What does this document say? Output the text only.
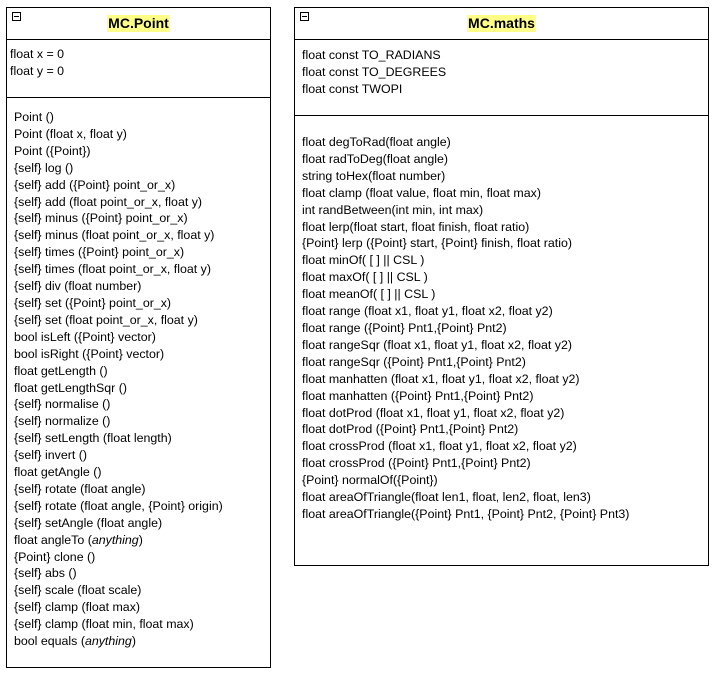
MC.Point
float x = 0
float y = 0
Point ()
Point (float x, float y)
Point ({Point})
{self} log ()
{self} add ({Point} point_or_x)
{self} add (float point_or_x, float y)
{self} minus ({Point} point_or_x)
{self} minus (float point_or_x, float y)
{self} times ({Point} point_or_x)
{self} times (float point_or_x, float y)
{self} div (float number)
{self} set ({Point} point_or_x)
{self} set (float point_or_x, float y)
bool isLeft ({Point} vector)
bool isRight ({Point} vector)
float getLength ()
float getLengthSqr ()
{self} normalise ()
{self} normalize ()
{self} setLength (float length)
{self} invert ()
float getAngle ()
{self} rotate (float angle)
{self} rotate (float angle, {Point} origin)
{self} setAngle (float angle)
float angleTo (anything)
{Point} clone ()
{self} abs ()
{self} scale (float scale)
{self} clamp (float max)
{self} clamp (float min, float max)
bool equals (anything)
MC.maths
float const TO_RADIANS
float const TO_DEGREES
float const TWOPI
float degToRad(float angle)
float radToDeg(float angle)
string toHex(float number)
float clamp (float value, float min, float max)
int randBetween(int min, int max)
float lerp(float start, float finish, float ratio)
{Point} lerp ({Point} start, {Point} finish, float ratio)
float minOf( [ ] || CSL )
float maxOf( [ ] || CSL )
float meanOf( [ ] || CSL )
float range (float x1, float y1, float x2, float y2)
float range ({Point} Pnt1,{Point} Pnt2)
float rangeSqr (float x1, float y1, float x2, float y2)
float rangeSqr ({Point} Pnt1,{Point} Pnt2)
float manhatten (float x1, float y1, float x2, float y2)
float manhatten ({Point} Pnt1,{Point} Pnt2)
float dotProd (float x1, float y1, float x2, float y2)
float dotProd ({Point} Pnt1,{Point} Pnt2)
float crossProd (float x1, float y1, float x2, float y2)
float crossProd ({Point} Pnt1,{Point} Pnt2)
{Point} normalOf({Point})
float areaOfTriangle(float len1, float, len2, float, len3)
float areaOfTriangle({Point} Pnt1, {Point} Pnt2, {Point} Pnt3)
